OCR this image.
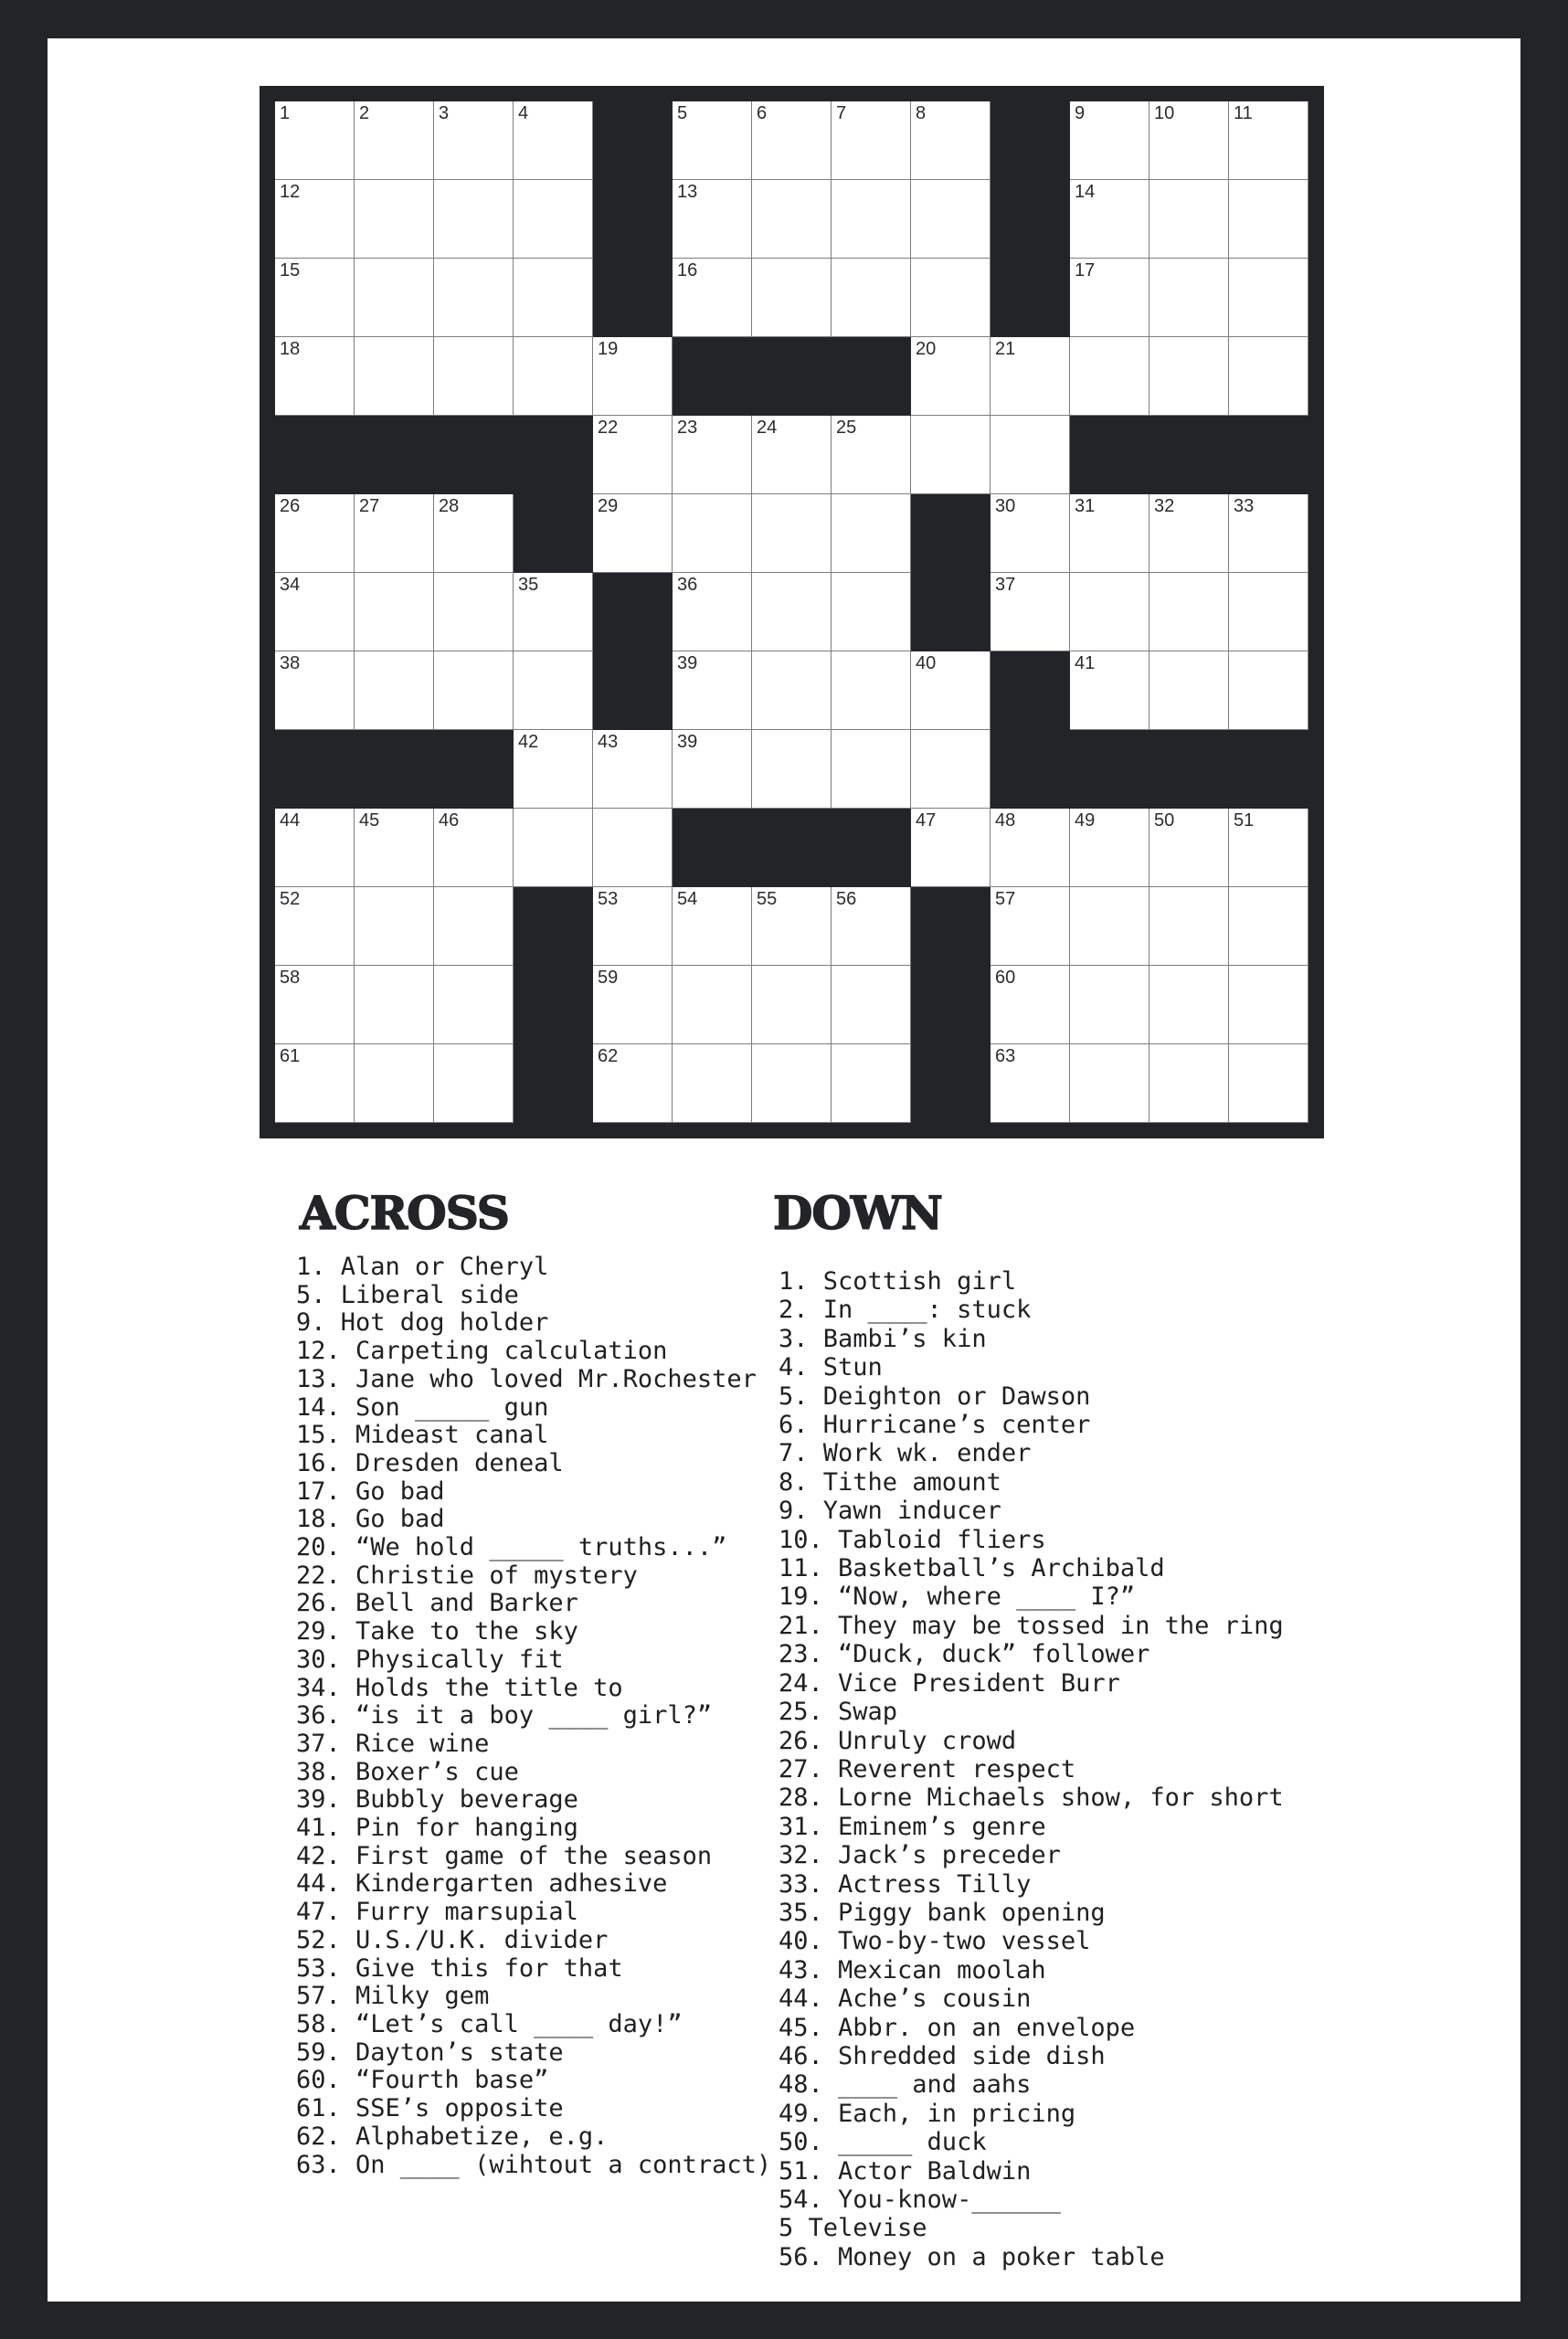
1	2	3	4	5	6	7	8	9	10	11
12	13	14
15	16	17
18	19	20	21
22	23	24	25
26	27	28	29	30	31	32	33
34	35	36	37
38	39	40	41
42	43	39
44	45	46	47	48	49	50	51
52	53	54	55	56	57
58	59	60
61	62	63
ACROSS	DOWN
1. Alan or Cheryl
5. Liberal side
9. Hot dog holder
12. Carpeting calculation
13. Jane who loved Mr.Rochester
14. Son _____ gun
15. Mideast canal
16. Dresden deneal
17. Go bad
18. Go bad
20. “We hold _____ truths...”
22. Christie of mystery
26. Bell and Barker
29. Take to the sky
30. Physically fit
34. Holds the title to
36. “is it a boy ____ girl?”
37. Rice wine
38. Boxer’s cue
39. Bubbly beverage
41. Pin for hanging
42. First game of the season
44. Kindergarten adhesive
47. Furry marsupial
52. U.S./U.K. divider
53. Give this for that
57. Milky gem
58. “Let’s call ____ day!”
59. Dayton’s state
60. “Fourth base”
61. SSE’s opposite
62. Alphabetize, e.g.
63. On ____ (wihtout a contract)
1. Scottish girl
2. In ____: stuck
3. Bambi’s kin
4. Stun
5. Deighton or Dawson
6. Hurricane’s center
7. Work wk. ender
8. Tithe amount
9. Yawn inducer
10. Tabloid fliers
11. Basketball’s Archibald
19. “Now, where ____ I?”
21. They may be tossed in the ring
23. “Duck, duck” follower
24. Vice President Burr
25. Swap
26. Unruly crowd
27. Reverent respect
28. Lorne Michaels show, for short
31. Eminem’s genre
32. Jack’s preceder
33. Actress Tilly
35. Piggy bank opening
40. Two-by-two vessel
43. Mexican moolah
44. Ache’s cousin
45. Abbr. on an envelope
46. Shredded side dish
48. ____ and aahs
49. Each, in pricing
50. _____ duck
51. Actor Baldwin
54. You-know-______
5 Televise
56. Money on a poker table
